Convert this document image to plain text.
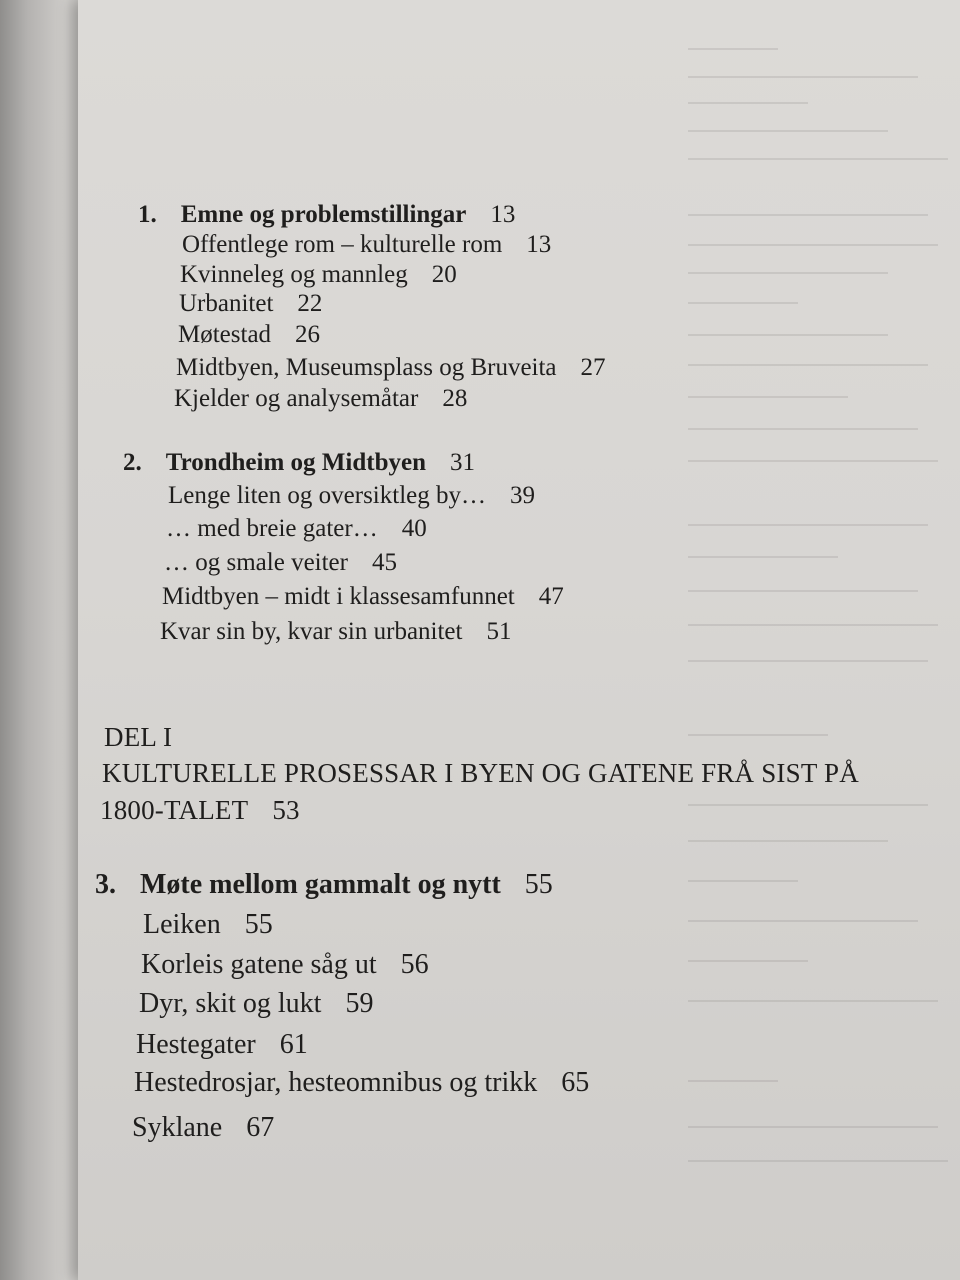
1. Emne og problemstillingar 13
Offentlege rom – kulturelle rom 13
Kvinneleg og mannleg 20
Urbanitet 22
Møtestad 26
Midtbyen, Museumsplass og Bruveita 27
Kjelder og analysemåtar 28
2. Trondheim og Midtbyen 31
Lenge liten og oversiktleg by… 39
… med breie gater… 40
… og smale veiter 45
Midtbyen – midt i klassesamfunnet 47
Kvar sin by, kvar sin urbanitet 51
DEL I
KULTURELLE PROSESSAR I BYEN OG GATENE FRÅ SIST PÅ
1800-TALET 53
3. Møte mellom gammalt og nytt 55
Leiken 55
Korleis gatene såg ut 56
Dyr, skit og lukt 59
Hestegater 61
Hestedrosjar, hesteomnibus og trikk 65
Syklane 67
